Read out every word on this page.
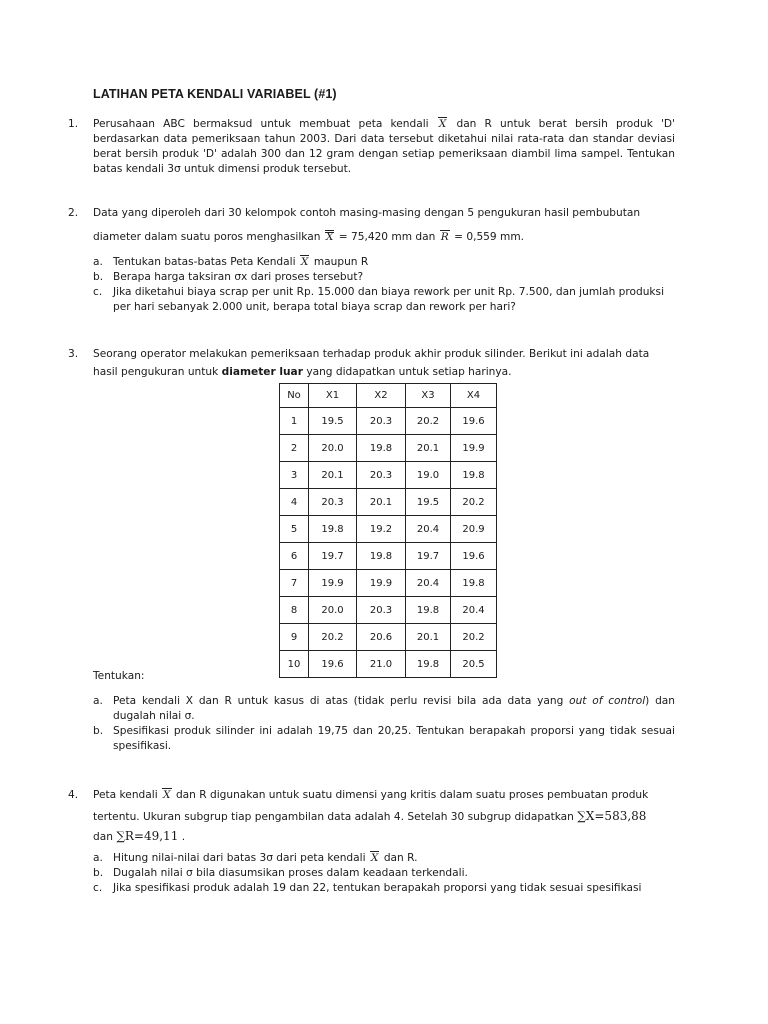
LATIHAN PETA KENDALI VARIABEL (#1)
1. Perusahaan ABC bermaksud untuk membuat peta kendali X dan R untuk berat bersih produk 'D' berdasarkan data pemeriksaan tahun 2003. Dari data tersebut diketahui nilai rata-rata dan standar deviasi berat bersih produk 'D' adalah 300 dan 12 gram dengan setiap pemeriksaan diambil lima sampel. Tentukan batas kendali 3σ untuk dimensi produk tersebut.
2. Data yang diperoleh dari 30 kelompok contoh masing-masing dengan 5 pengukuran hasil pembubutan

diameter dalam suatu poros menghasilkan X = 75,420 mm dan R = 0,559 mm.

a. Tentukan batas-batas Peta Kendali X maupun R
b. Berapa harga taksiran σx dari proses tersebut?
c. Jika diketahui biaya scrap per unit Rp. 15.000 dan biaya rework per unit Rp. 7.500, dan jumlah produksi per hari sebanyak 2.000 unit, berapa total biaya scrap dan rework per hari?
3. Seorang operator melakukan pemeriksaan terhadap produk akhir produk silinder. Berikut ini adalah data

hasil pengukuran untuk diameter luar yang didapatkan untuk setiap harinya.

No	X1	X2	X3	X4
1	19.5	20.3	20.2	19.6
2	20.0	19.8	20.1	19.9
3	20.1	20.3	19.0	19.8
4	20.3	20.1	19.5	20.2
5	19.8	19.2	20.4	20.9
6	19.7	19.8	19.7	19.6
7	19.9	19.9	20.4	19.8
8	20.0	20.3	19.8	20.4
9	20.2	20.6	20.1	20.2
10	19.6	21.0	19.8	20.5
Tentukan:
a. Peta kendali X dan R untuk kasus di atas (tidak perlu revisi bila ada data yang out of control) dan dugalah nilai σ.
b. Spesifikasi produk silinder ini adalah 19,75 dan 20,25. Tentukan berapakah proporsi yang tidak sesuai spesifikasi.
4. Peta kendali X dan R digunakan untuk suatu dimensi yang kritis dalam suatu proses pembuatan produk

tertentu. Ukuran subgrup tiap pengambilan data adalah 4. Setelah 30 subgrup didapatkan ∑X=583,88

dan ∑R=49,11 .

a. Hitung nilai-nilai dari batas 3σ dari peta kendali X dan R.
b. Dugalah nilai σ bila diasumsikan proses dalam keadaan terkendali.
c. Jika spesifikasi produk adalah 19 dan 22, tentukan berapakah proporsi yang tidak sesuai spesifikasi
